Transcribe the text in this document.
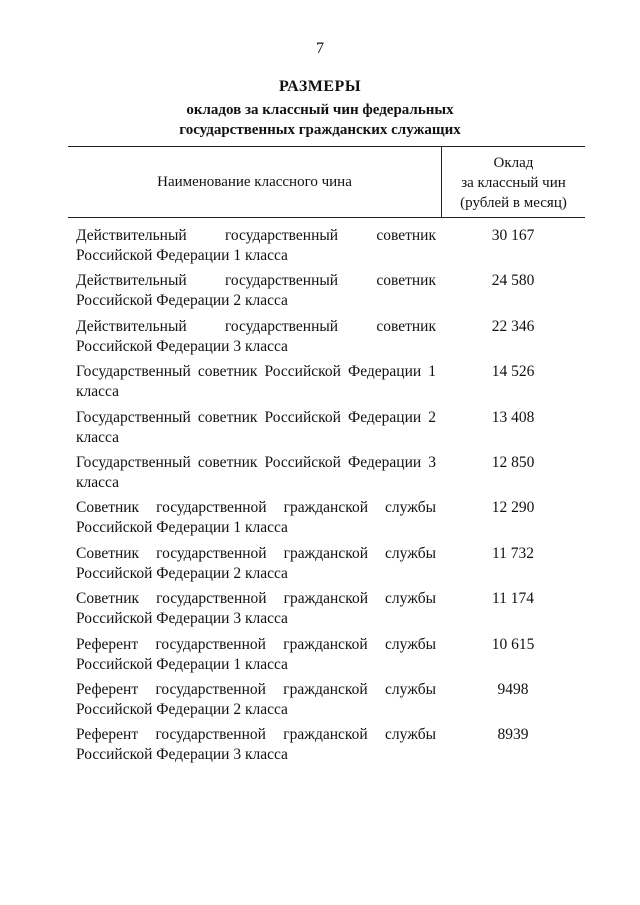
7
РАЗМЕРЫ
окладов за классный чин федеральных
государственных гражданских служащих
Наименование классного чина
Оклад
за классный чин
(рублей в месяц)
Действительный государственный советник Российской Федерации 1 класса
30 167
Действительный государственный советник Российской Федерации 2 класса
24 580
Действительный государственный советник Российской Федерации 3 класса
22 346
Государственный советник Российской Федерации 1 класса
14 526
Государственный советник Российской Федерации 2 класса
13 408
Государственный советник Российской Федерации 3 класса
12 850
Советник государственной гражданской службы Российской Федерации 1 класса
12 290
Советник государственной гражданской службы Российской Федерации 2 класса
11 732
Советник государственной гражданской службы Российской Федерации 3 класса
11 174
Референт государственной гражданской службы Российской Федерации 1 класса
10 615
Референт государственной гражданской службы Российской Федерации 2 класса
9498
Референт государственной гражданской службы Российской Федерации 3 класса
8939
